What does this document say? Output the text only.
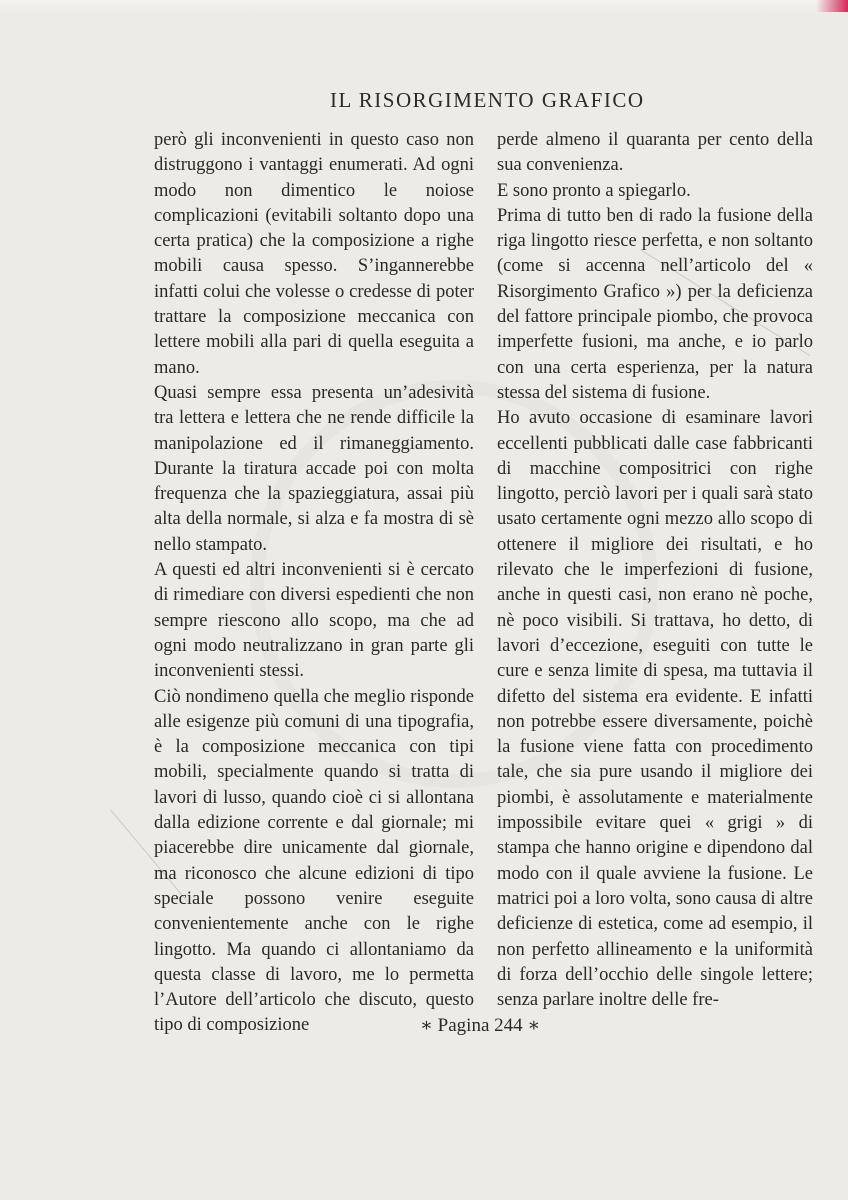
IL RISORGIMENTO GRAFICO

però gli inconvenienti in questo caso non distruggono i vantaggi enumerati. Ad ogni modo non dimentico le noiose complicazioni (evitabili soltanto dopo una certa pratica) che la composizione a righe mobili causa spesso. S’ingannerebbe infatti colui che volesse o credesse di poter trattare la composizione meccanica con lettere mobili alla pari di quella eseguita a mano.

Quasi sempre essa presenta un’adesività tra lettera e lettera che ne rende difficile la manipolazione ed il rimaneggiamento. Durante la tiratura accade poi con molta frequenza che la spazieggiatura, assai più alta della normale, si alza e fa mostra di sè nello stampato.

A questi ed altri inconvenienti si è cercato di rimediare con diversi espedienti che non sempre riescono allo scopo, ma che ad ogni modo neutralizzano in gran parte gli inconvenienti stessi.

Ciò nondimeno quella che meglio risponde alle esigenze più comuni di una tipografia, è la composizione meccanica con tipi mobili, specialmente quando si tratta di lavori di lusso, quando cioè ci si allontana dalla edizione corrente e dal giornale; mi piacerebbe dire unicamente dal giornale, ma riconosco che alcune edizioni di tipo speciale possono venire eseguite convenientemente anche con le righe lingotto. Ma quando ci allontaniamo da questa classe di lavoro, me lo permetta l’Autore dell’articolo che discuto, questo tipo di composizione

perde almeno il quaranta per cento della sua convenienza.

E sono pronto a spiegarlo.

Prima di tutto ben di rado la fusione della riga lingotto riesce perfetta, e non soltanto (come si accenna nell’articolo del « Risorgimento Grafico ») per la deficienza del fattore principale piombo, che provoca imperfette fusioni, ma anche, e io parlo con una certa esperienza, per la natura stessa del sistema di fusione.

Ho avuto occasione di esaminare lavori eccellenti pubblicati dalle case fabbricanti di macchine compositrici con righe lingotto, perciò lavori per i quali sarà stato usato certamente ogni mezzo allo scopo di ottenere il migliore dei risultati, e ho rilevato che le imperfezioni di fusione, anche in questi casi, non erano nè poche, nè poco visibili. Si trattava, ho detto, di lavori d’eccezione, eseguiti con tutte le cure e senza limite di spesa, ma tuttavia il difetto del sistema era evidente. E infatti non potrebbe essere diversamente, poichè la fusione viene fatta con procedimento tale, che sia pure usando il migliore dei piombi, è assolutamente e materialmente impossibile evitare quei « grigi » di stampa che hanno origine e dipendono dal modo con il quale avviene la fusione. Le matrici poi a loro volta, sono causa di altre deficienze di estetica, come ad esempio, il non perfetto allineamento e la uniformità di forza dell’occhio delle singole lettere; senza parlare inoltre delle fre-

∗ Pagina 244 ∗
